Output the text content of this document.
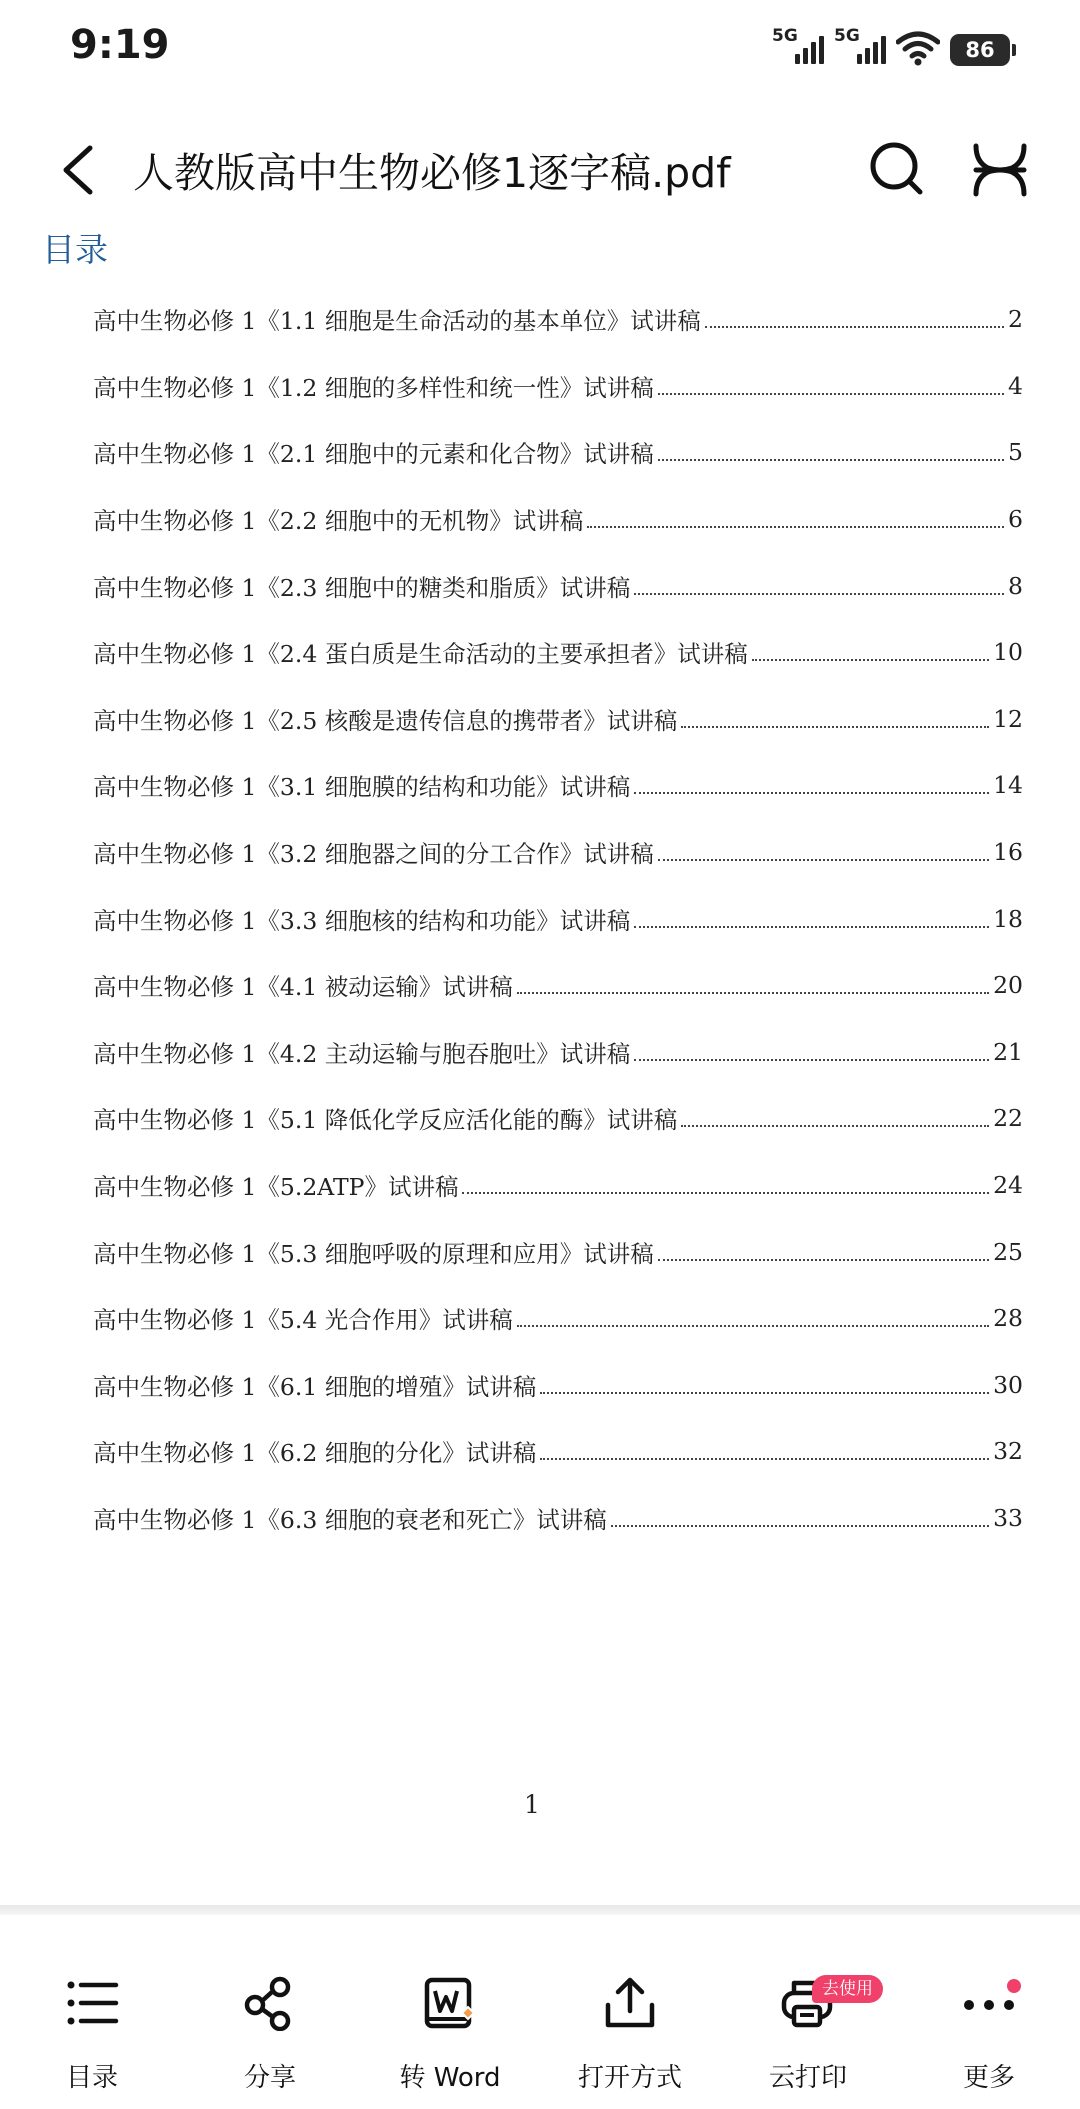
9:19	5G 5G
86
人教版高中生物必修1逐字稿.pdf
目录
高中生物必修 1《1.1 细胞是生命活动的基本单位》试讲稿	2
高中生物必修 1《1.2 细胞的多样性和统一性》试讲稿	4
高中生物必修 1《2.1 细胞中的元素和化合物》试讲稿	5
高中生物必修 1《2.2 细胞中的无机物》试讲稿	6
高中生物必修 1《2.3 细胞中的糖类和脂质》试讲稿	8
高中生物必修 1《2.4 蛋白质是生命活动的主要承担者》试讲稿	10
高中生物必修 1《2.5 核酸是遗传信息的携带者》试讲稿	12
高中生物必修 1《3.1 细胞膜的结构和功能》试讲稿	14
高中生物必修 1《3.2 细胞器之间的分工合作》试讲稿	16
高中生物必修 1《3.3 细胞核的结构和功能》试讲稿	18
高中生物必修 1《4.1 被动运输》试讲稿	20
高中生物必修 1《4.2 主动运输与胞吞胞吐》试讲稿	21
高中生物必修 1《5.1 降低化学反应活化能的酶》试讲稿	22
高中生物必修 1《5.2ATP》试讲稿	24
高中生物必修 1《5.3 细胞呼吸的原理和应用》试讲稿	25
高中生物必修 1《5.4 光合作用》试讲稿	28
高中生物必修 1《6.1 细胞的增殖》试讲稿	30
高中生物必修 1《6.2 细胞的分化》试讲稿	32
高中生物必修 1《6.3 细胞的衰老和死亡》试讲稿	33
1
目录	分享	转 Word	打开方式	云打印	更多
去使用
